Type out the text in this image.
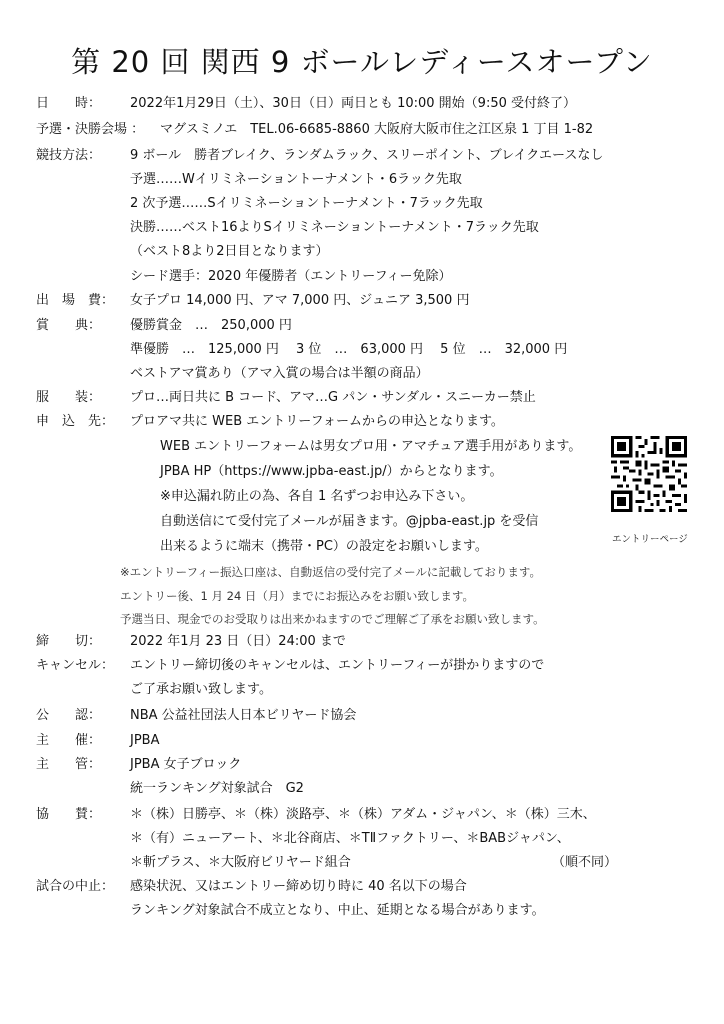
第 20 回 関西 9 ボールレディースオープン
日　　時： 2022年1月29日（土）、30日（日）両日とも 10:00 開始（9:50 受付終了）
予選・決勝会場 ： マグスミノエ　TEL.06-6685-8860 大阪府大阪市住之江区泉 1 丁目 1-82
競技方法： 9 ボール　勝者ブレイク、ランダムラック、スリーポイント、ブレイクエースなし
予選……Wイリミネーショントーナメント・6ラック先取
2 次予選……Sイリミネーショントーナメント・7ラック先取
決勝……ベスト16よりSイリミネーショントーナメント・7ラック先取
（ベスト8より2日目となります）
シード選手：2020 年優勝者（エントリーフィー免除）
出　場　費： 女子プロ 14,000 円、アマ 7,000 円、ジュニア 3,500 円
賞　　典： 優勝賞金　…　250,000 円
準優勝　…　125,000 円　 3 位　…　63,000 円　 5 位　…　32,000 円
ベストアマ賞あり（アマ入賞の場合は半額の商品）
服　　装： プロ…両日共に B コード、アマ…G パン・サンダル・スニーカー禁止
申　込　先： プロアマ共に WEB エントリーフォームからの申込となります。
WEB エントリーフォームは男女プロ用・アマチュア選手用があります。
JPBA HP（https://www.jpba-east.jp/）からとなります。
※申込漏れ防止の為、各自 1 名ずつお申込み下さい。
自動送信にて受付完了メールが届きます。@jpba-east.jp を受信
出来るように端末（携帯・PC）の設定をお願いします。
※エントリーフィー振込口座は、自動返信の受付完了メールに記載しております。
エントリー後、1 月 24 日（月）までにお振込みをお願い致します。
予選当日、現金でのお受取りは出来かねますのでご理解ご了承をお願い致します。
エントリーページ
締　　切： 2022 年1月 23 日（日）24:00 まで
キャンセル： エントリー締切後のキャンセルは、エントリーフィーが掛かりますので
ご了承お願い致します。
公　　認： NBA 公益社団法人日本ビリヤード協会
主　　催： JPBA
主　　管： JPBA 女子ブロック
統一ランキング対象試合　G2
協　　賛： ＊（株）日勝亭、＊（株）淡路亭、＊（株）アダム・ジャパン、＊（株）三木、
＊（有）ニューアート、＊北谷商店、＊TⅡファクトリー、＊BABジャパン、
＊斬プラス、＊大阪府ビリヤード組合	（順不同）
試合の中止： 感染状況、又はエントリー締め切り時に 40 名以下の場合
ランキング対象試合不成立となり、中止、延期となる場合があります。
